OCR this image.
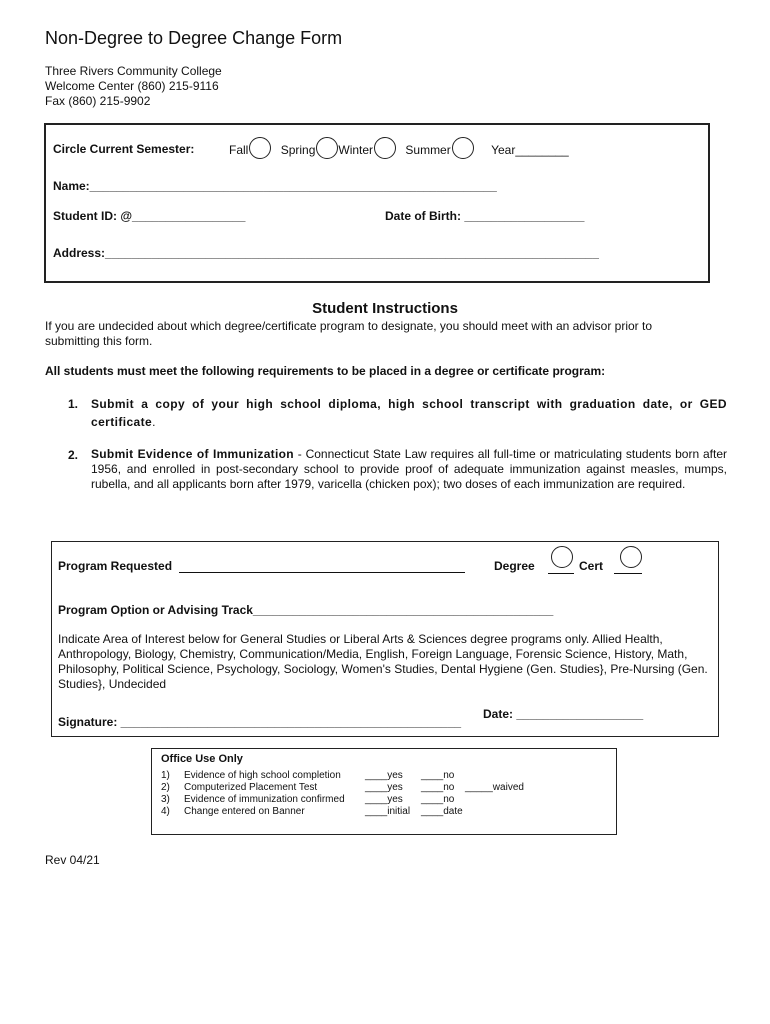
Non-Degree to Degree Change Form
Three Rivers Community College
Welcome Center (860) 215-9116
Fax (860) 215-9902
Circle Current Semester:	Fall	Spring Winter	Summer	Year________
Name:_____________________________________________________________
Student ID: @_________________	Date of Birth: __________________
Address:__________________________________________________________________________
Student Instructions
If you are undecided about which degree/certificate program to designate, you should meet with an advisor prior to submitting this form.
All students must meet the following requirements to be placed in a degree or certificate program:
1. Submit a copy of your high school diploma, high school transcript with graduation date, or GED certificate.
2. Submit Evidence of Immunization - Connecticut State Law requires all full-time or matriculating students born after 1956, and enrolled in post-secondary school to provide proof of adequate immunization against measles, mumps, rubella, and all applicants born after 1979, varicella (chicken pox); two doses of each immunization are required.
Program Requested	Degree	Cert
Program Option or Advising Track_____________________________________________
Indicate Area of Interest below for General Studies or Liberal Arts & Sciences degree programs only. Allied Health, Anthropology, Biology, Chemistry, Communication/Media, English, Foreign Language, Forensic Science, History, Math, Philosophy, Political Science, Psychology, Sociology, Women's Studies, Dental Hygiene (Gen. Studies}, Pre-Nursing (Gen. Studies}, Undecided
Signature: ___________________________________________________
Date: ___________________
Office Use Only
1) Evidence of high school completion ____yes ____no
2) Computerized Placement Test	____yes ____no _____waived
3) Evidence of immunization confirmed ____yes ____no
4) Change entered on Banner	____initial ____date
Rev 04/21
